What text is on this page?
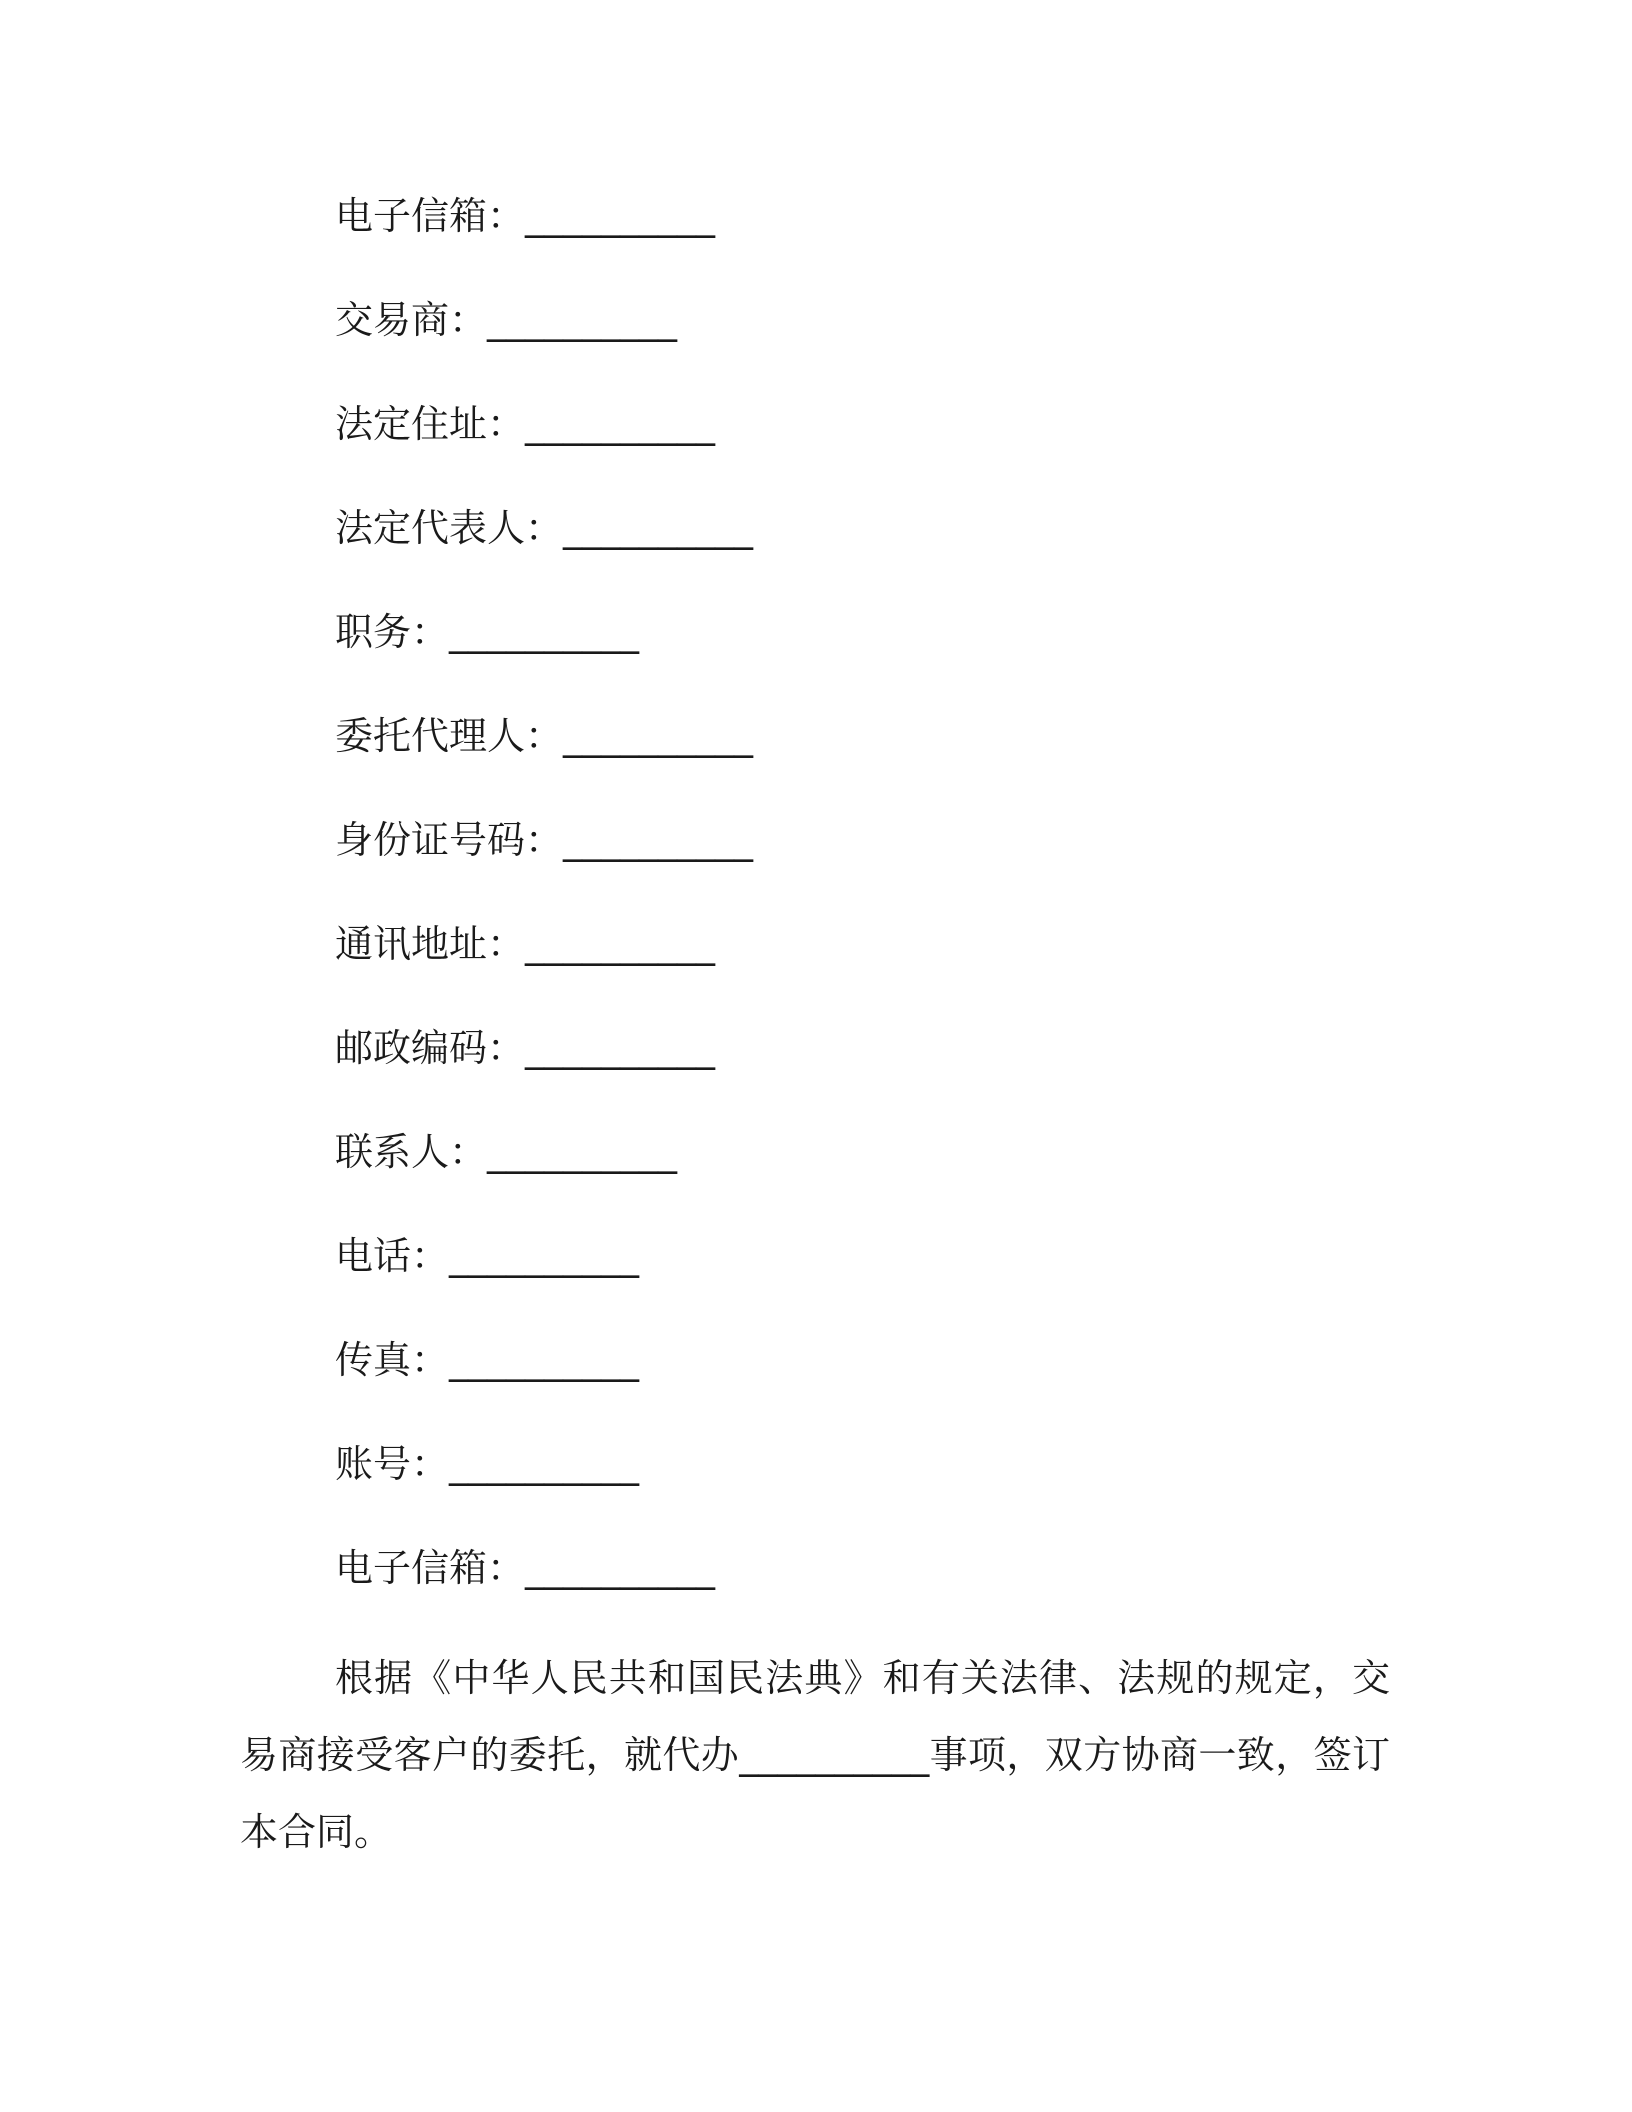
电子信箱：__________
交易商：__________
法定住址：__________
法定代表人：__________
职务：__________
委托代理人：__________
身份证号码：__________
通讯地址：__________
邮政编码：__________
联系人：__________
电话：__________
传真：__________
账号：__________
电子信箱：__________

根据《中华人民共和国民法典》和有关法律、法规的规定，交易商接受客户的委托，就代办__________事项，双方协商一致，签订本合同。
